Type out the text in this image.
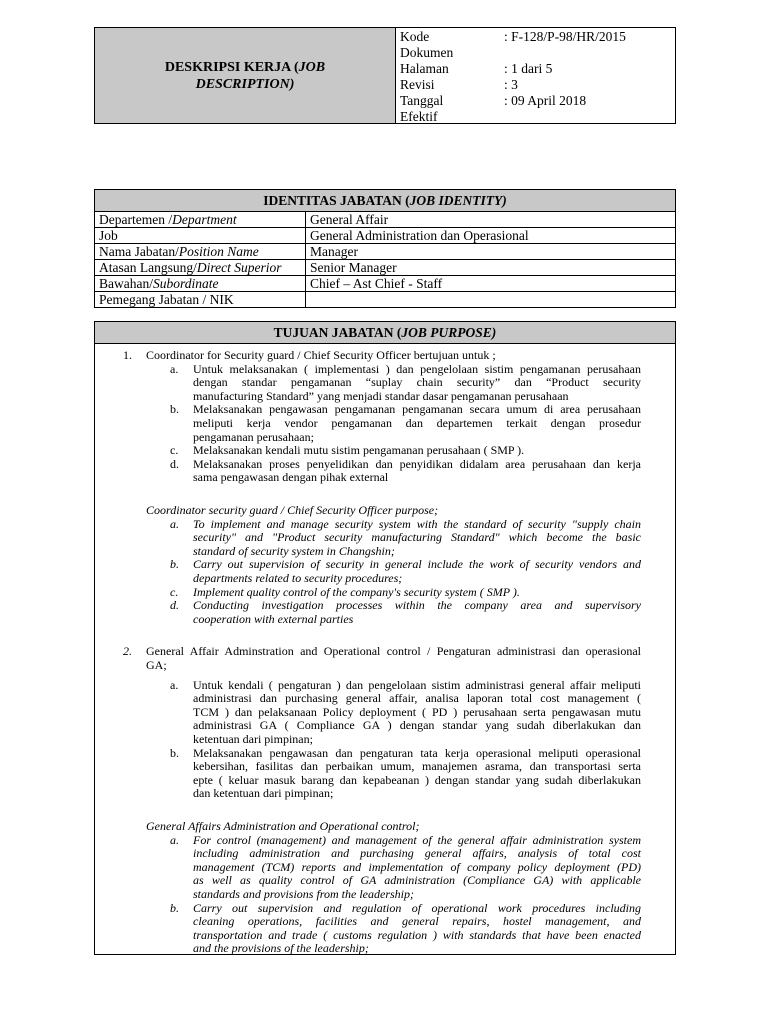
DESKRIPSI KERJA (JOB
DESCRIPTION)
Kode	: F-128/P-98/HR/2015
Dokumen
Halaman	: 1 dari 5
Revisi	: 3
Tanggal	: 09 April 2018
Efektif
IDENTITAS JABATAN (JOB IDENTITY)	
Departemen /Department	General Affair
Job	General Administration dan Operasional
Nama Jabatan/Position Name	Manager
Atasan Langsung/Direct Superior	Senior Manager
Bawahan/Subordinate	Chief – Ast Chief - Staff
Pemegang Jabatan / NIK	
TUJUAN JABATAN (JOB PURPOSE)
1. Coordinator for Security guard / Chief Security Officer bertujuan untuk ;
a. Untuk melaksanakan ( implementasi ) dan pengelolaan sistim pengamanan perusahaan
dengan standar pengamanan “suplay chain security” dan “Product security
manufacturing Standard” yang menjadi standar dasar pengamanan perusahaan
b. Melaksanakan pengawasan pengamanan pengamanan secara umum di area perusahaan
meliputi kerja vendor pengamanan dan departemen terkait dengan prosedur
pengamanan perusahaan;
c. Melaksanakan kendali mutu sistim pengamanan perusahaan ( SMP ).
d. Melaksanakan proses penyelidikan dan penyidikan didalam area perusahaan dan kerja
sama pengawasan dengan pihak external
Coordinator security guard / Chief Security Officer purpose;
a. To implement and manage security system with the standard of security "supply chain
security" and "Product security manufacturing Standard" which become the basic
standard of security system in Changshin;
b. Carry out supervision of security in general include the work of security vendors and
departments related to security procedures;
c. Implement quality control of the company's security system ( SMP ).
d. Conducting investigation processes within the company area and supervisory
cooperation with external parties
2. General Affair Adminstration and Operational control / Pengaturan administrasi dan operasional
GA;
a. Untuk kendali ( pengaturan ) dan pengelolaan sistim administrasi general affair meliputi
administrasi dan purchasing general affair, analisa laporan total cost management (
TCM ) dan pelaksanaan Policy deployment ( PD ) perusahaan serta pengawasan mutu
administrasi GA ( Compliance GA ) dengan standar yang sudah diberlakukan dan
ketentuan dari pimpinan;
b. Melaksanakan pengawasan dan pengaturan tata kerja operasional meliputi operasional
kebersihan, fasilitas dan perbaikan umum, manajemen asrama, dan transportasi serta
epte ( keluar masuk barang dan kepabeanan ) dengan standar yang sudah diberlakukan
dan ketentuan dari pimpinan;
General Affairs Administration and Operational control;
a. For control (management) and management of the general affair administration system
including administration and purchasing general affairs, analysis of total cost
management (TCM) reports and implementation of company policy deployment (PD)
as well as quality control of GA administration (Compliance GA) with applicable
standards and provisions from the leadership;
b. Carry out supervision and regulation of operational work procedures including
cleaning operations, facilities and general repairs, hostel management, and
transportation and trade ( customs regulation ) with standards that have been enacted
and the provisions of the leadership;
